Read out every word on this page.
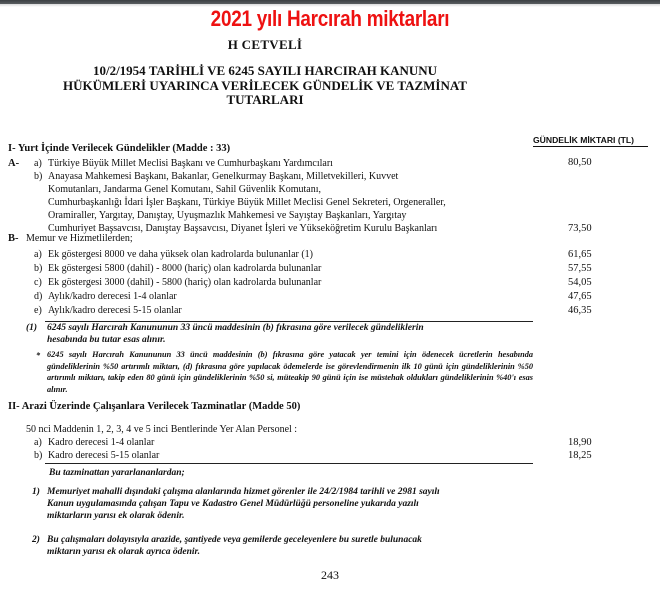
2021 yılı Harcırah miktarları
H CETVELİ
10/2/1954 TARİHLİ VE 6245 SAYILI HARCIRAH KANUNU
HÜKÜMLERİ UYARINCA VERİLECEK GÜNDELİK VE TAZMİNAT
TUTARLARI
GÜNDELİK MİKTARI (TL)
I- Yurt İçinde Verilecek Gündelikler (Madde : 33)
A- a) Türkiye Büyük Millet Meclisi Başkanı ve Cumhurbaşkanı Yardımcıları	80,50
b) Anayasa Mahkemesi Başkanı, Bakanlar, Genelkurmay Başkanı, Milletvekilleri, Kuvvet
Komutanları, Jandarma Genel Komutanı, Sahil Güvenlik Komutanı,
Cumhurbaşkanlığı İdari İşler Başkanı, Türkiye Büyük Millet Meclisi Genel Sekreteri, Orgeneraller,
Oramiraller, Yargıtay, Danıştay, Uyuşmazlık Mahkemesi ve Sayıştay Başkanları, Yargıtay
Cumhuriyet Başsavcısı, Danıştay Başsavcısı, Diyanet İşleri ve Yükseköğretim Kurulu Başkanları	73,50
B- Memur ve Hizmetlilerden;
a) Ek göstergesi 8000 ve daha yüksek olan kadrolarda bulunanlar (1)	61,65
b) Ek göstergesi 5800 (dahil) - 8000 (hariç) olan kadrolarda bulunanlar	57,55
c) Ek göstergesi 3000 (dahil) - 5800 (hariç) olan kadrolarda bulunanlar	54,05
d) Aylık/kadro derecesi 1-4 olanlar	47,65
e) Aylık/kadro derecesi 5-15 olanlar	46,35
(1) 6245 sayılı Harcırah Kanununun 33 üncü maddesinin (b) fıkrasına göre verilecek gündeliklerin
hesabında bu tutar esas alınır.
* 6245 sayılı Harcırah Kanununun 33 üncü maddesinin (b) fıkrasına göre yatacak yer temini için ödenecek ücretlerin hesabında gündeliklerinin %50 artırımlı miktarı, (d) fıkrasına göre yapılacak ödemelerde ise görevlendirmenin ilk 10 günü için gündeliklerinin %50 artırımlı miktarı, takip eden 80 günü için gündeliklerinin %50 si, müteakip 90 günü için ise müstehak oldukları gündeliklerinin %40'ı esas alınır.
II- Arazi Üzerinde Çalışanlara Verilecek Tazminatlar (Madde 50)
50 nci Maddenin 1, 2, 3, 4 ve 5 inci Bentlerinde Yer Alan Personel :
a) Kadro derecesi 1-4 olanlar	18,90
b) Kadro derecesi 5-15 olanlar	18,25
Bu tazminattan yararlananlardan;
1) Memuriyet mahalli dışındaki çalışma alanlarında hizmet görenler ile 24/2/1984 tarihli ve 2981 sayılı
Kanun uygulamasında çalışan Tapu ve Kadastro Genel Müdürlüğü personeline yukarıda yazılı
miktarların yarısı ek olarak ödenir.
2) Bu çalışmaları dolayısıyla arazide, şantiyede veya gemilerde geceleyenlere bu suretle bulunacak
miktarın yarısı ek olarak ayrıca ödenir.
243
